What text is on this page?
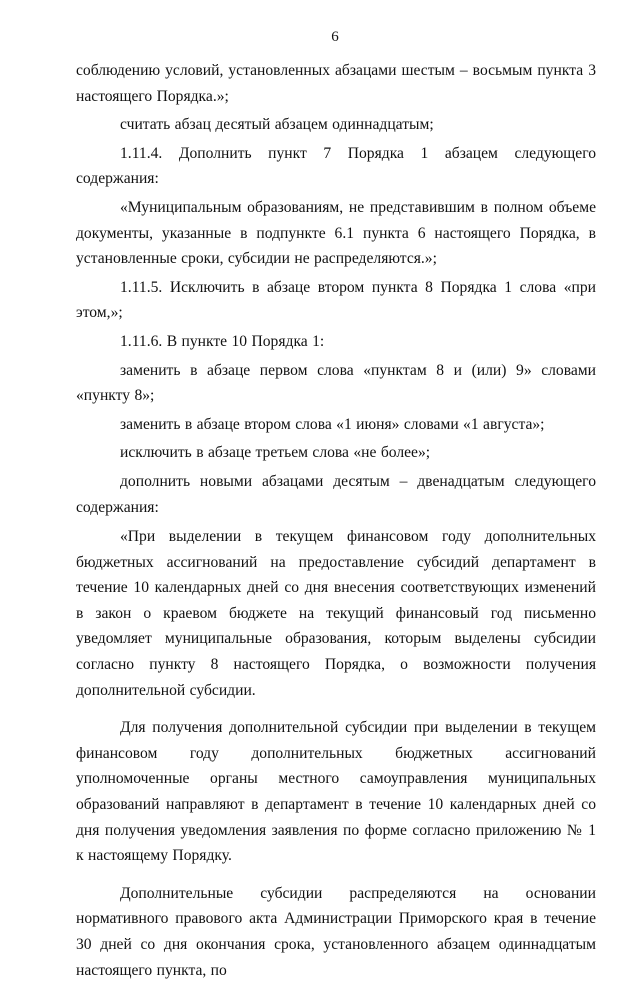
6

соблюдению условий, установленных абзацами шестым – восьмым пункта 3 настоящего Порядка.»;

считать абзац десятый абзацем одиннадцатым;

1.11.4. Дополнить пункт 7 Порядка 1 абзацем следующего содержания:

«Муниципальным образованиям, не представившим в полном объеме документы, указанные в подпункте 6.1 пункта 6 настоящего Порядка, в установленные сроки, субсидии не распределяются.»;

1.11.5. Исключить в абзаце втором пункта 8 Порядка 1 слова «при этом,»;

1.11.6. В пункте 10 Порядка 1:

заменить в абзаце первом слова «пунктам 8 и (или) 9» словами «пункту 8»;

заменить в абзаце втором слова «1 июня» словами «1 августа»;

исключить в абзаце третьем слова «не более»;

дополнить новыми абзацами десятым – двенадцатым следующего содержания:

«При выделении в текущем финансовом году дополнительных бюджетных ассигнований на предоставление субсидий департамент в течение 10 календарных дней со дня внесения соответствующих изменений в закон о краевом бюджете на текущий финансовый год письменно уведомляет муниципальные образования, которым выделены субсидии согласно пункту 8 настоящего Порядка, о возможности получения дополнительной субсидии.

Для получения дополнительной субсидии при выделении в текущем финансовом году дополнительных бюджетных ассигнований уполномоченные органы местного самоуправления муниципальных образований направляют в департамент в течение 10 календарных дней со дня получения уведомления заявления по форме согласно приложению № 1 к настоящему Порядку.

Дополнительные субсидии распределяются на основании нормативного правового акта Администрации Приморского края в течение 30 дней со дня окончания срока, установленного абзацем одиннадцатым настоящего пункта, по
